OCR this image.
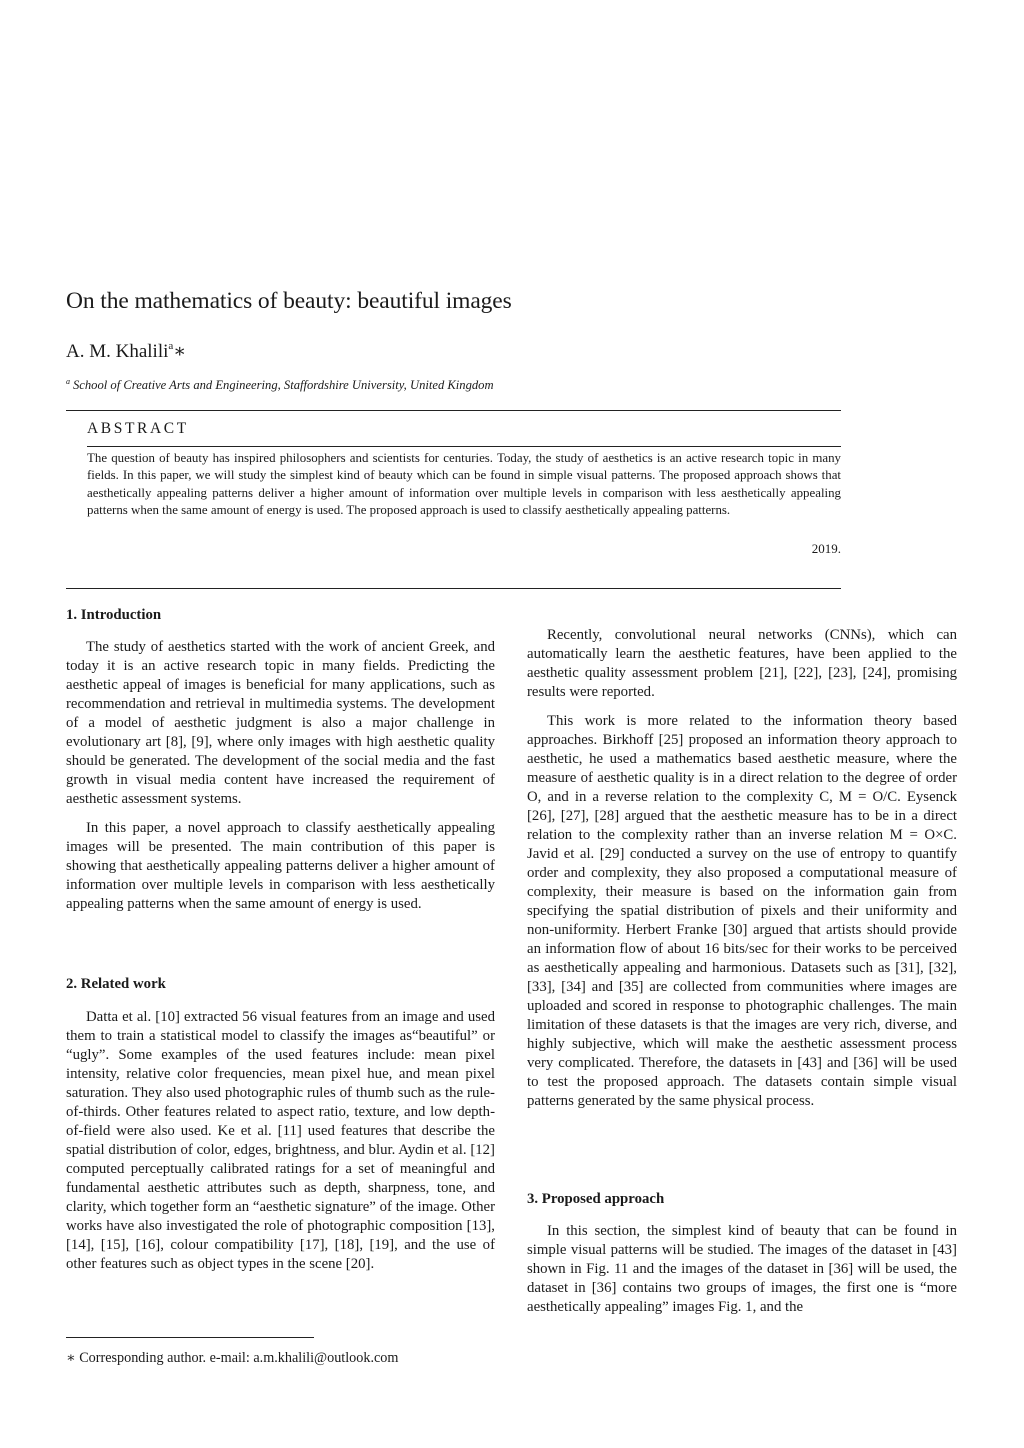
On the mathematics of beauty: beautiful images
A. M. Khalili$^a$∗
$^a$ School of Creative Arts and Engineering, Staffordshire University, United Kingdom
ABSTRACT

The question of beauty has inspired philosophers and scientists for centuries. Today, the study of aesthetics is an active research topic in many fields. In this paper, we will study the simplest kind of beauty which can be found in simple visual patterns. The proposed approach shows that aesthetically appealing patterns deliver a higher amount of information over multiple levels in comparison with less aesthetically appealing patterns when the same amount of energy is used. The proposed approach is used to classify aesthetically appealing patterns.

2019.
1. Introduction

The study of aesthetics started with the work of ancient Greek, and today it is an active research topic in many fields. Predicting the aesthetic appeal of images is beneficial for many applications, such as recommendation and retrieval in multimedia systems. The development of a model of aesthetic judgment is also a major challenge in evolutionary art [8], [9], where only images with high aesthetic quality should be generated. The development of the social media and the fast growth in visual media content have increased the requirement of aesthetic assessment systems.

In this paper, a novel approach to classify aesthetically appealing images will be presented. The main contribution of this paper is showing that aesthetically appealing patterns deliver a higher amount of information over multiple levels in comparison with less aesthetically appealing patterns when the same amount of energy is used.

2. Related work

Datta et al. [10] extracted 56 visual features from an image and used them to train a statistical model to classify the images as“beautiful” or “ugly”. Some examples of the used features include: mean pixel intensity, relative color frequencies, mean pixel hue, and mean pixel saturation. They also used photographic rules of thumb such as the rule-of-thirds. Other features related to aspect ratio, texture, and low depth-of-field were also used. Ke et al. [11] used features that describe the spatial distribution of color, edges, brightness, and blur. Aydin et al. [12] computed perceptually calibrated ratings for a set of meaningful and fundamental aesthetic attributes such as depth, sharpness, tone, and clarity, which together form an “aesthetic signature” of the image. Other works have also investigated the role of photographic composition [13], [14], [15], [16], colour compatibility [17], [18], [19], and the use of other features such as object types in the scene [20].

Recently, convolutional neural networks (CNNs), which can automatically learn the aesthetic features, have been applied to the aesthetic quality assessment problem [21], [22], [23], [24], promising results were reported.

This work is more related to the information theory based approaches. Birkhoff [25] proposed an information theory approach to aesthetic, he used a mathematics based aesthetic measure, where the measure of aesthetic quality is in a direct relation to the degree of order O, and in a reverse relation to the complexity C, M = O/C. Eysenck [26], [27], [28] argued that the aesthetic measure has to be in a direct relation to the complexity rather than an inverse relation M = O×C. Javid et al. [29] conducted a survey on the use of entropy to quantify order and complexity, they also proposed a computational measure of complexity, their measure is based on the information gain from specifying the spatial distribution of pixels and their uniformity and non-uniformity. Herbert Franke [30] argued that artists should provide an information flow of about 16 bits/sec for their works to be perceived as aesthetically appealing and harmonious. Datasets such as [31], [32], [33], [34] and [35] are collected from communities where images are uploaded and scored in response to photographic challenges. The main limitation of these datasets is that the images are very rich, diverse, and highly subjective, which will make the aesthetic assessment process very complicated. Therefore, the datasets in [43] and [36] will be used to test the proposed approach. The datasets contain simple visual patterns generated by the same physical process.

3. Proposed approach

In this section, the simplest kind of beauty that can be found in simple visual patterns will be studied. The images of the dataset in [43] shown in Fig. 11 and the images of the dataset in [36] will be used, the dataset in [36] contains two groups of images, the first one is “more aesthetically appealing” images Fig. 1, and the

∗ Corresponding author. e-mail: a.m.khalili@outlook.com
